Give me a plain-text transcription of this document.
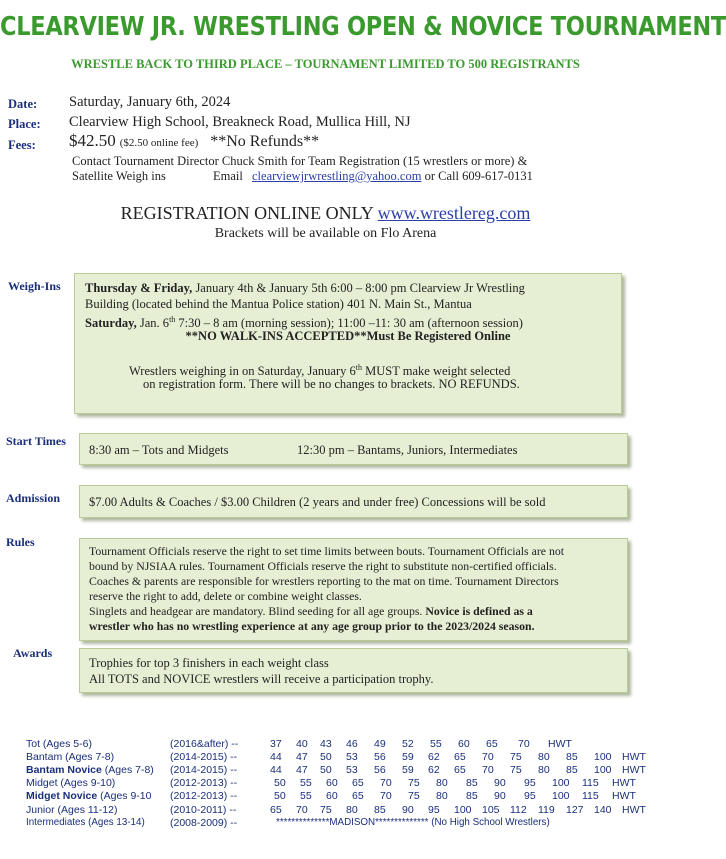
CLEARVIEW JR. WRESTLING OPEN & NOVICE TOURNAMENT
WRESTLE BACK TO THIRD PLACE – TOURNAMENT LIMITED TO 500 REGISTRANTS
Date: Saturday, January 6th, 2024
Place: Clearview High School, Breakneck Road, Mullica Hill, NJ
Fees: $42.50 ($2.50 online fee) **No Refunds**
Contact Tournament Director Chuck Smith for Team Registration (15 wrestlers or more) &
Satellite Weigh ins	Email clearviewjrwrestling@yahoo.com or Call 609-617-0131
REGISTRATION ONLINE ONLY www.wrestlereg.com
Brackets will be available on Flo Arena
Weigh-Ins Thursday & Friday, January 4th & January 5th 6:00 – 8:00 pm Clearview Jr Wrestling
Building (located behind the Mantua Police station) 401 N. Main St., Mantua
Saturday, Jan. 6th 7:30 – 8 am (morning session); 11:00 –11: 30 am (afternoon session)
**NO WALK-INS ACCEPTED**Must Be Registered Online
Wrestlers weighing in on Saturday, January 6th MUST make weight selected
on registration form. There will be no changes to brackets. NO REFUNDS.
Start Times
8:30 am – Tots and Midgets	12:30 pm – Bantams, Juniors, Intermediates
Admission $7.00 Adults & Coaches / $3.00 Children (2 years and under free) Concessions will be sold
Rules
Tournament Officials reserve the right to set time limits between bouts. Tournament Officials are not
bound by NJSIAA rules. Tournament Officials reserve the right to substitute non-certified officials.
Coaches & parents are responsible for wrestlers reporting to the mat on time. Tournament Directors
reserve the right to add, delete or combine weight classes.
Singlets and headgear are mandatory. Blind seeding for all age groups. Novice is defined as a
wrestler who has no wrestling experience at any age group prior to the 2023/2024 season.
Awards
Trophies for top 3 finishers in each weight class
All TOTS and NOVICE wrestlers will receive a participation trophy.
Tot (Ages 5-6)	(2016&after) --	37 40 43 46 49 52 55 60 65 70 HWT
Bantam (Ages 7-8)	(2014-2015) --	44 47 50 53 56 59 62 65 70 75 80 85 100 HWT
Bantam Novice (Ages 7-8) (2014-2015) --	44 47 50 53 56 59 62 65 70 75 80 85 100 HWT
Midget (Ages 9-10)	(2012-2013) --	50 55 60 65 70 75 80 85 90 95 100 115 HWT
Midget Novice (Ages 9-10 (2012-2013) --	50 55 60 65 70 75 80 85 90 95 100 115 HWT
Junior (Ages 11-12)	(2010-2011) --	65 70 75 80 85 90 95 100 105 112 119 127 140 HWT
Intermediates (Ages 13-14) (2008-2009) --	**************MADISON************** (No High School Wrestlers)
